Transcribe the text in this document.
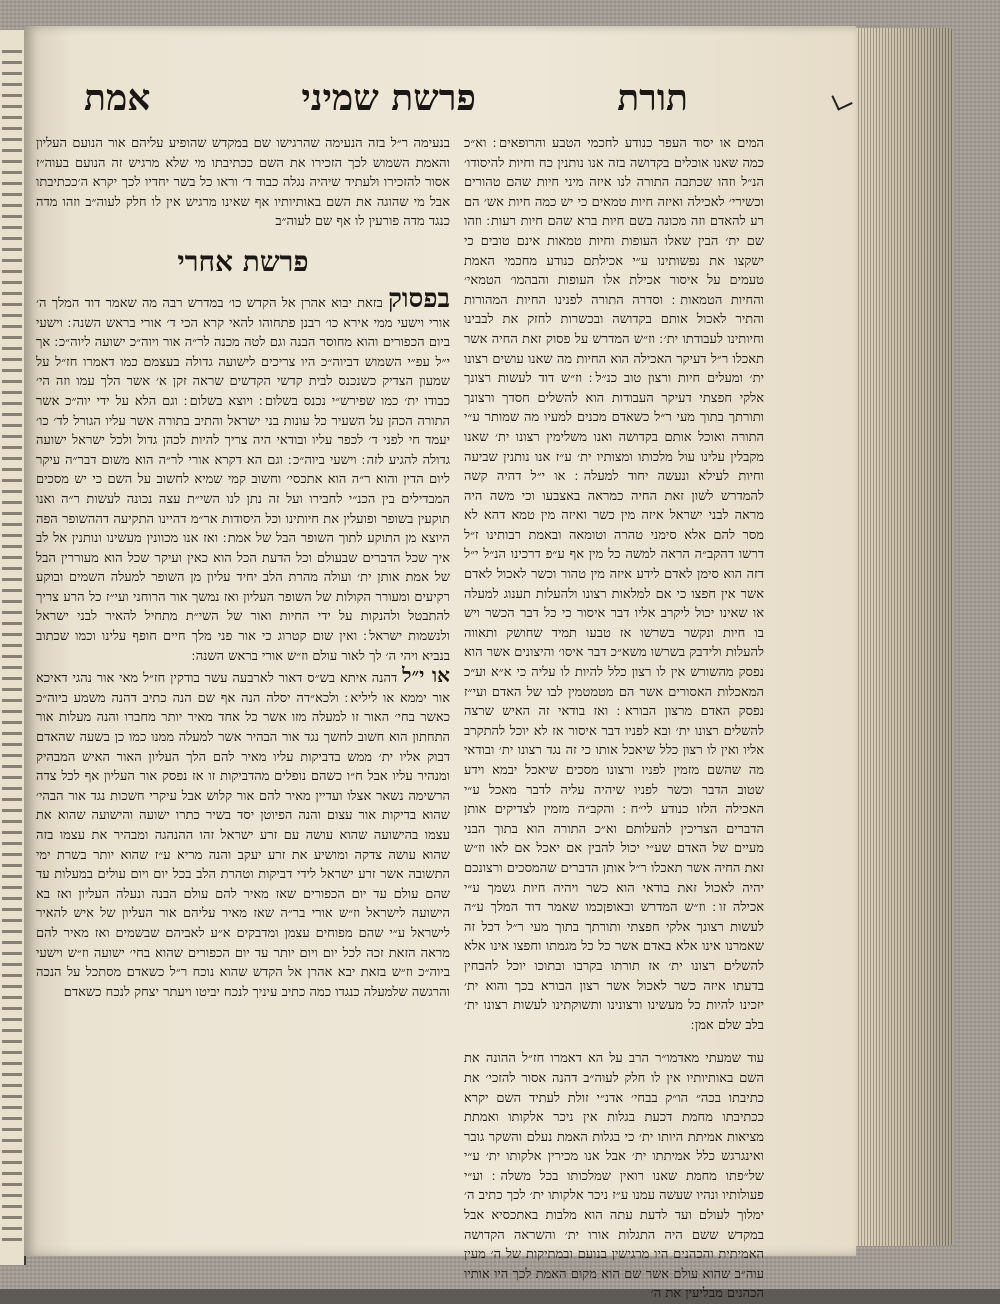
תורת
פרשת שמיני
אמת

המים או יסוד העפר כנודע לחכמי הטבע והרופאים ׃ וא״כ כמה שאנו אוכלים בקדושה בזה אנו נותנין כח וחיות להיסודו׳ הנ״ל וזהו שכתבה התורה לנו איזה מיני חיות שהם טהורים וכשירי׳ לאכילה ואיזה חיות טמאים כי יש כמה חיות אש׳ הם רע להאדם וזה מכונה בשם חיות ברא שהם חיות רעות ׃ וזהו שם ית׳ הבין שאלו העופות וחיות טמאות אינם טובים כי ישקצו את נפשותינו ע״י אכילתם כנודע מחכמי האמת טעמים על איסור אכילת אלו העופות והבהמו׳ הטמאי׳ והחיות הטמאות ׃ וסדרה התורה לפנינו החיות המהורות והתיר לאכול אותם בקדושה ובכשרות לחזק את לבבינו וחיותינו לעבודתו ית׳ ׃ וז״ש המדרש על פסוק זאת החיה אשר תאכלו ר״ל דעיקר האכילה הוא החיות מה שאנו עושים רצונו ית׳ ומעלים חיות ורצון טוב כנ״ל ׃ וז״ש דוד לעשות רצונך אלקי חפצתי דעיקר העבודות הוא להשלים חסדך ורצונך ותורתך בתוך מעי ר״ל כשאדם מכנים למעיו מה שמותר ע״י התורה ואוכל אותם בקדושה ואנו משלימין רצונו ית׳ שאנו מקבלין עלינו עול מלכותו ומצותיו ית׳ ע״ז אנו נותנין שביעה וחיות לעילא ונעשה יחוד למעלה ׃ או י״ל דהיה קשה להמדרש לשון זאת החיה כמראה באצבעו וכי משה היה מראה לבני ישראל איזה מין כשר ואיזה מין טמא דהא לא מסר להם אלא סימני טהרה וטומאה ובאמת רבותינו ז״ל דרשו דהקב״ה הראה למשה כל מין אף ע״פ דרכינו הנ״ל י״ל דזה הוא סימן לאדם לידע איזה מין טהור וכשר לאכול לאדם אשר אין חפצו כי אם למלאות רצונו ולהעלות תענוג למעלה או שאינו יכול ליקרב אליו דבר איסור כי כל דבר הכשר ויש בו חיות ונקשר בשרשו אז טבעו תמיד שחושק ותאווה להעלות ולידבק בשרשו משא״כ דבר איסו׳ והיצונים אשר הוא נפסק מהשורש אין לו רצון כלל להיות לו עליה כי א״א וע״כ המאכלות האסורים אשר הם מטמטמין לבו של האדם ועי״ז נפסק האדם מרצון הבורא ׃ ואז בודאי זה האיש שרצה להשלים רצונו ית׳ ובא לפניו דבר איסור אז לא יוכל להתקרב אליו ואין לו רצון כלל שיאכל אותו כי זה נגד רצונו ית׳ ובודאי מה שהשם מזמין לפניו ורצונו מסכים שיאכל יבמא וידע שטוב הדבר וכשר לפניו שיהיה עליה לדבר מאכל ע״י האכילה הלזו כנודע לי״ח ׃ והקב״ה מזמין לצדיקים אותן הדברים הצריכין להעלותם וא״כ התורה הוא בתוך הבני מעיים של האדם שע״י יכול להבין אם יאכל אם לאו וז״ש זאת החיה אשר תאכלו ר״ל אותן הדברים שהמסכים ורצונכם יהיה לאכול זאת בודאי הוא כשר ויהיה חיות גשמך ע״י אכילה זו ׃ וז״ש המדרש ובאופןכמו שאמר דוד המלך ע״ה לעשות רצונך אלקי חפצתי ותורתך בתוך מעי ר״ל דכל זה שאמרנו אינו אלא באדם אשר כל כל מגמתו וחפצו אינו אלא להשלים רצונו ית׳ אז תורתו בקרבו ובתוכו יוכל להבחין בדעתו איזה כשר לאכול אשר רצון הבורא בכך והוא ית׳ יזכינו להיות כל מעשינו ורצונינו ותשוקתינו לעשות רצונו ית׳ בלב שלם אמן ׃

עוד שמעתי מאדמו״ר הרב על הא דאמרו חז״ל ההונה את השם באותיותיו אין לו חלק לעוה״ב דהנה אסור להזכי׳ את כתיבתו בכה״ הו״ק בבחי׳ אדנ״י זולת לעתיד השם יקרא ככתיבתו מחמת דכעת בגלות אין ניכר אלקותו ואמתת מציאות אמיתת היותו ית׳ כי בגלות האמת נעלם והשקר גובר ואינגרגש כלל אמיתתו ית׳ אבל אנו מכירין אלקותו ית׳ ע״י של״פתו מחמת שאנו רואין שמלכותו בכל משלה ׃ וע״י פעולותיו ונהיו שעשה עמנו ע״ז ניכר אלקותו ית׳ לכך כתיב ה׳ ימלוך לעולם ועד לדעת עתה הוא מלבות באתכסיא אבל במקדש ששם היה התגלות אורו ית׳ והשראה הקדושה האמיתית והכהנים היו מרגישין בנועם ובמתיקות של ה׳ מעין עוה״ב שהוא עולם אשר שם הוא מקום האמת לכך היו אותיו הכהנים מבליעין את ה׳

בנעימה ר״ל בזה הנעימה שהרגישו שם במקדש שהופיע עליהם אור הנועם העליון והאמת השמוש לכך הזכירו את השם ככתיבתו מי שלא מרגיש זה הנועם בעוה״ז אסור להזכירו ולעתיד שיהיה נגלה כבוד ד׳ וראו כל בשר יחדיו לכך יקרא ה׳ככתיבתו אבל מי שהוגה את השם באותיותיו אף שאינו מרגיש אין לו חלק לעוה״ב וזהו מדה כנגד מדה פורעין לו אף שם לעוה״ב

פרשת אחרי

בפסוק בזאת יבוא אהרן אל הקדש כו׳ במדרש רבה מה שאמר דוד המלך ה׳ אורי וישעי ממי אירא כו׳ רבנן פתחוהו להאי קרא הכי ד׳ אורי בראש השנה ׃ וישעי ביום הכפורים והוא מחוסר הבנה וגם לטה מכנה לר״ה אור ויוה״כ ישועה ליוה״כ ׃ אך י״ל עפ״י השמוש דביוה״כ היו צריכים לישועה גדולה בעצמם כמו דאמרו חז״ל על שמעון הצדיק כשנכנס לבית קדשי הקדשים שראה זקן א׳ אשר הלך עמו וזה הי׳ כבודו ית׳ כמו שפירש״י נכנס בשלום ׃ ויוצא בשלום ׃ וגם הלא על ידי יוה״כ אשר התורה הכהן על השעיר כל עונות בני ישראל והתיב בתורה אשר עליו הגורל לד׳ כו׳ יעמד חי לפני ד׳ לכפר עליו ובודאי היה צריך להיות לכהן גדול ולכל ישראל ישועה גדולה להגיע לזה ׃ וישעי ביוה״כ ׃ וגם הא דקרא אורי לר״ה הוא משום דבר״ה עיקר ליום הדין והוא ר״ה הוא אתכסי׳ וחשוב קמי שמיא לחשוב על השם כי יש מסכים המבדילים בין הכנ״י לחבירו ועל זה נתן לנו השי״ת עצה נכונה לעשות ר״ה ואנו תוקעין בשופר ופועלין את חיותינו וכל היסודות אר״מ דהיינו התקיעה דההשופר הפה היוצא מן התוקע לתוך השופר הבל של אמת ׃ ואז אנו מכוונין מעשינו ונותנין אל לב איך שכל הדברים שבעולם וכל הדעת הכל הוא כאין ועיקר שכל הוא מעוררין הבל של אמת אותן ית׳ ועולה מהרת הלב יחיד עליון מן השופר למעלה השמים ובוקע רקיעים ומעורר הקולות של השופר העליון ואז נמשך אור הרוחני ועי״ז כל הרע צריך להתבטל ולהנקות על ידי החיות ואור של השי״ת מתחיל להאיר לבני ישראל ולנשמות ישראל ׃ ואין שום קטרוג כי אור פני מלך חיים חופף עלינו וכמו שכתוב בנביא ויהי ה׳ לך לאור עולם וז״ש אורי בראש השנה ׃

או י״ל דהנה איתא בש״ס דאור לארבעה עשר בודקין חז״ל מאי אור נהגי דאיכא אור יממא או ליליא ׃ ולכא״דה יסלה הנה אף שם הנה כתיב דהנה משמע ביוה״כ כאשר בחי׳ האור זו למעלה מזו אשר כל אחד מאיר יותר מחברו והנה מעלות אור התחתון הוא חשוב לחשך נגד אור הבהיר אשר למעלה ממנו כמו כן בשעה שהאדם דבוק אליו ית׳ ממש בדביקות עליו מאיר להם הלך העליון האור האיש המבהיק ומנהיר עליו אבל ח״ו כשהם נופלים מהדביקות זו אז נפסק אור העליון אף לכל צדה הרשימה נשאר אצלו ועדיין מאיר להם אור קלוש אבל עיקרי חשכות נגד אור הבהי׳ שהוא בדיקות אור עצום והנה הפיוטן יסד בשיר כתרו ישועה והישועה שהוא את עצמו בהישועה שהוא עושה עם זרע ישראל זהו ההנהגה ומבהיר את עצמו בזה שהוא עושה צדקה ומושיע את זרע יעקב והנה מריא ע״ז שהוא יותר בשרת ימי התשובה אשר זרע ישראל לידי דביקות וטהרת הלב בכל יום ויום עולים במעלות עד שהם עולם עד יום הכפורים שאז מאיר להם עולם הבנה ונעלה העליון ואז בא הישועה לישראל וז״ש אורי בר״ה שאז מאיר עליהם אור העליון של איש להאיר לישראל ע״י שהם מפוחים עצמן ומדבקים א״ע לאביהם שבשמים ואז מאיר להם מראה הזאת זכה לכל יום ויום יותר עד יום הכפורים שהוא בחי׳ ישועה וז״ש וישעי ביוה״כ וז״ש בזאת יבא אהרן אל הקדש שהוא נוכח ר״ל כשאדם מסתכל על הנכה והרגשה שלמעלה כנגדו כמה כתיב עיניך לנכח יביטו ויעתר יצחק לנכח כשאדם
